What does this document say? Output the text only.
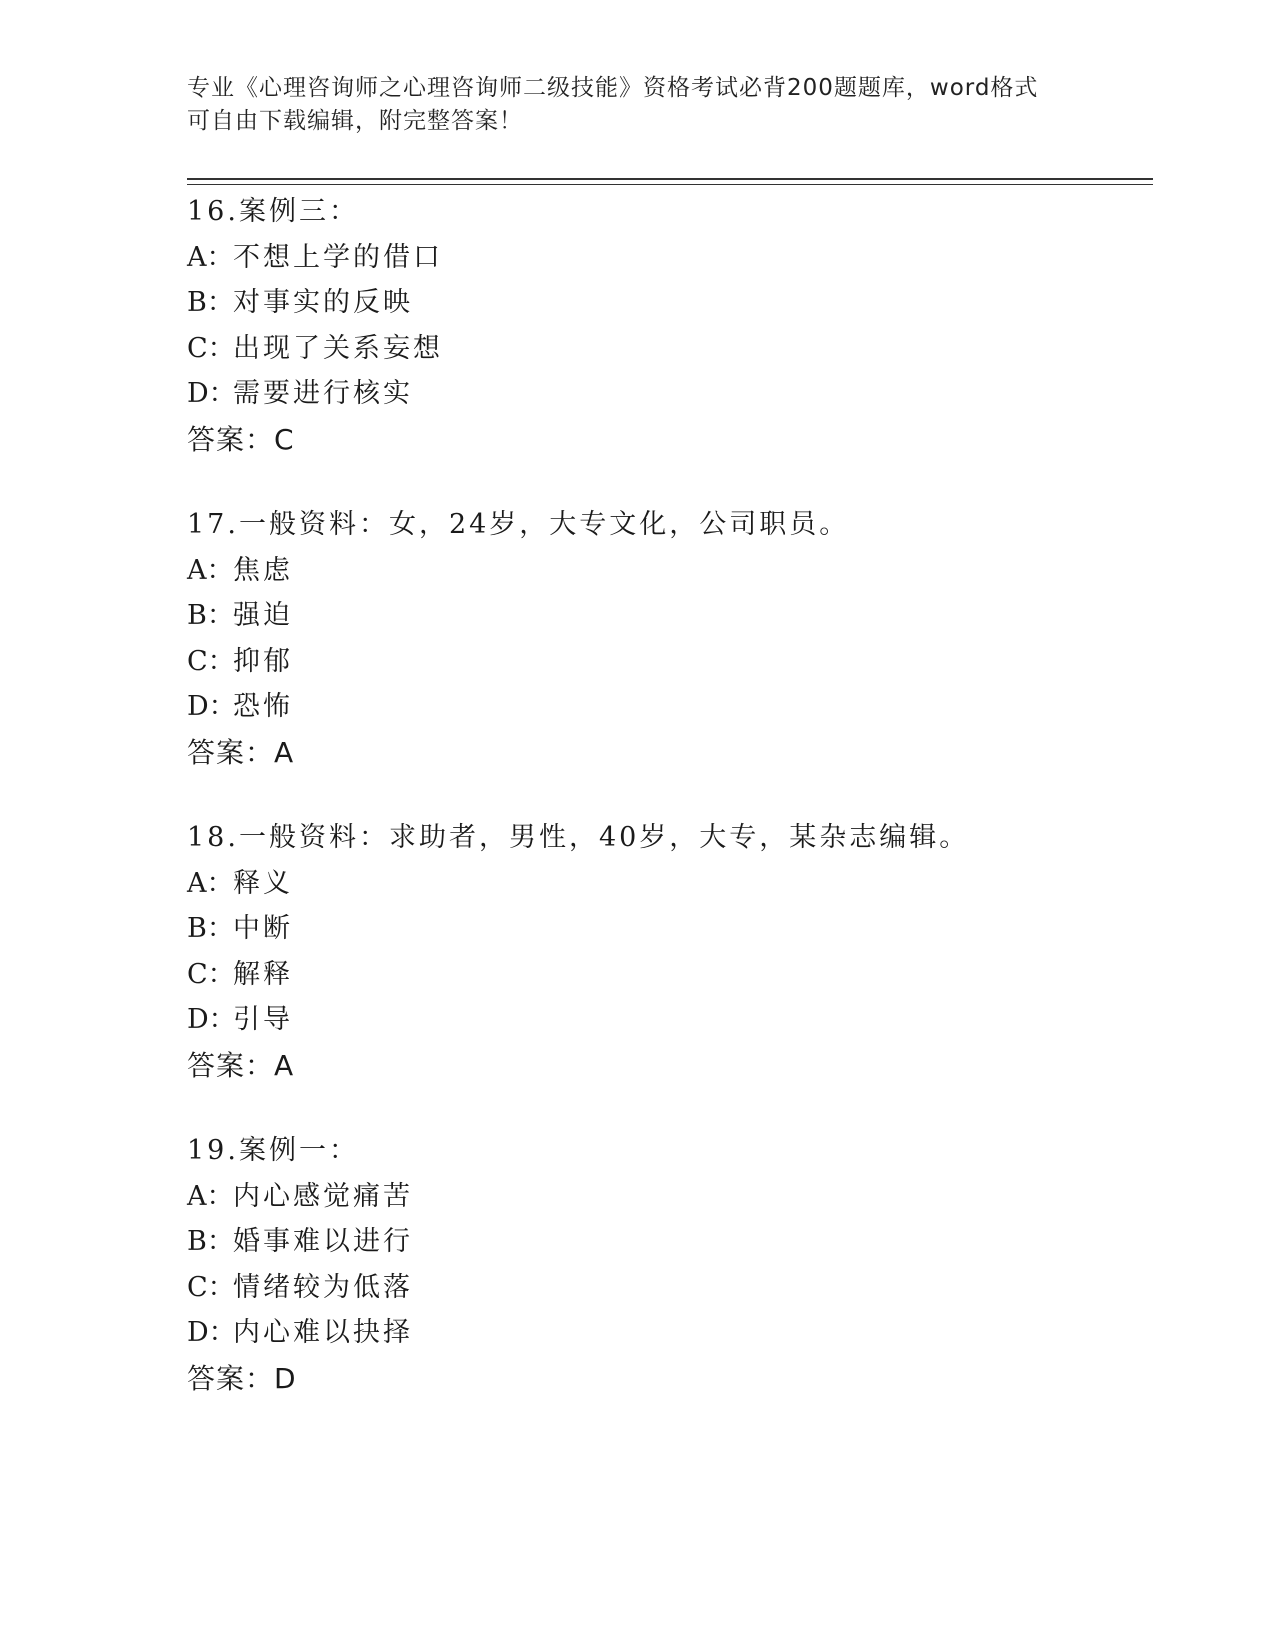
专业《心理咨询师之心理咨询师二级技能》资格考试必背200题题库，word格式
可自由下载编辑，附完整答案！
16.案例三：
A：不想上学的借口
B：对事实的反映
C：出现了关系妄想
D：需要进行核实
答案：C
17.一般资料：女，24岁，大专文化，公司职员。
A：焦虑
B：强迫
C：抑郁
D：恐怖
答案：A
18.一般资料：求助者，男性，40岁，大专，某杂志编辑。
A：释义
B：中断
C：解释
D：引导
答案：A
19.案例一：
A：内心感觉痛苦
B：婚事难以进行
C：情绪较为低落
D：内心难以抉择
答案：D
